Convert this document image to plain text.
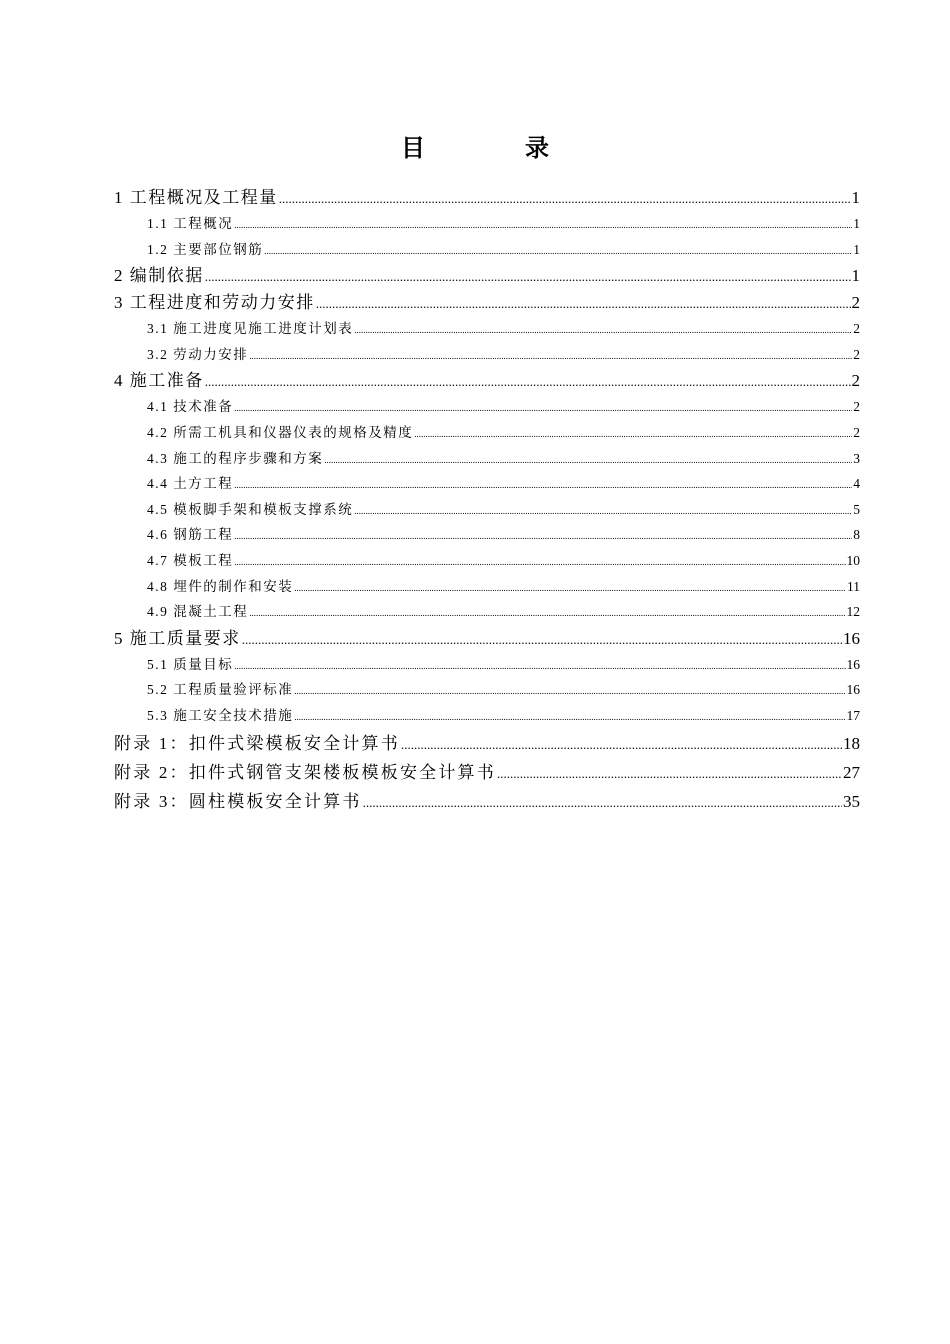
目　录
1 工程概况及工程量 .....	1
1.1 工程概况 .....	1
1.2 主要部位钢筋 .....	1
2 编制依据 .....	1
3 工程进度和劳动力安排 .....	2
3.1 施工进度见施工进度计划表 .....	2
3.2 劳动力安排 .....	2
4 施工准备 .....	2
4.1 技术准备 .....	2
4.2 所需工机具和仪器仪表的规格及精度 .....	2
4.3 施工的程序步骤和方案 .....	3
4.4 土方工程 .....	4
4.5 模板脚手架和模板支撑系统 .....	5
4.6 钢筋工程 .....	8
4.7 模板工程 .....	10
4.8 埋件的制作和安装 .....	11
4.9 混凝土工程 .....	12
5 施工质量要求 .....	16
5.1 质量目标 .....	16
5.2 工程质量验评标准 .....	16
5.3 施工安全技术措施 .....	17
附录 1：扣件式梁模板安全计算书 .....	18
附录 2：扣件式钢管支架楼板模板安全计算书 .....	27
附录 3：圆柱模板安全计算书 .....	35
